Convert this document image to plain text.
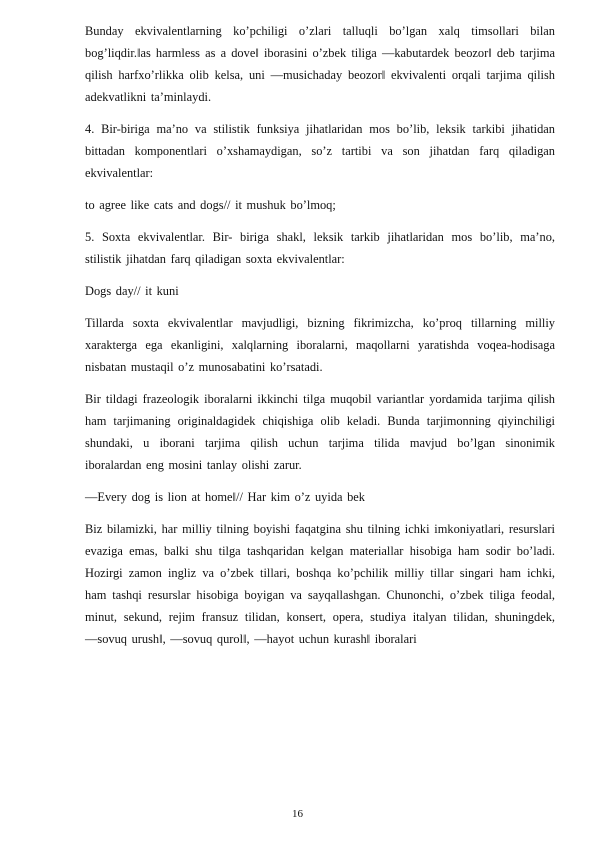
Bunday ekvivalentlarning ko’pchiligi o’zlari talluqli bo’lgan xalq timsollari bilan bog’liqdir.‖as harmless as a dove‖ iborasini o’zbek tiliga ―kabutardek beozor‖ deb tarjima qilish harfxo’rlikka olib kelsa, uni ―musichaday beozor‖ ekvivalenti orqali tarjima qilish adekvatlikni ta’minlaydi.

4. Bir-biriga ma’no va stilistik funksiya jihatlaridan mos bo’lib, leksik tarkibi jihatidan bittadan komponentlari o’xshamaydigan, so’z tartibi va son jihatdan farq qiladigan ekvivalentlar:

to agree like cats and dogs// it mushuk bo’lmoq;

5. Soxta ekvivalentlar. Bir- biriga shakl, leksik tarkib jihatlaridan mos bo’lib, ma’no, stilistik jihatdan farq qiladigan soxta ekvivalentlar:

Dogs day// it kuni

Tillarda soxta ekvivalentlar mavjudligi, bizning fikrimizcha, ko’proq tillarning milliy xarakterga ega ekanligini, xalqlarning iboralarni, maqollarni yaratishda voqea-hodisaga nisbatan mustaqil o’z munosabatini ko’rsatadi.

Bir tildagi frazeologik iboralarni ikkinchi tilga muqobil variantlar yordamida tarjima qilish ham tarjimaning originaldagidek chiqishiga olib keladi. Bunda tarjimonning qiyinchiligi shundaki, u iborani tarjima qilish uchun tarjima tilida mavjud bo’lgan sinonimik iboralardan eng mosini tanlay olishi zarur.

―Every dog is lion at home‖// Har kim o’z uyida bek

Biz bilamizki, har milliy tilning boyishi faqatgina shu tilning ichki imkoniyatlari, resurslari evaziga emas, balki shu tilga tashqaridan kelgan materiallar hisobiga ham sodir bo’ladi. Hozirgi zamon ingliz va o’zbek tillari, boshqa ko’pchilik milliy tillar singari ham ichki, ham tashqi resurslar hisobiga boyigan va sayqallashgan. Chunonchi, o’zbek tiliga feodal, minut, sekund, rejim fransuz tilidan, konsert, opera, studiya italyan tilidan, shuningdek, ―sovuq urush‖, ―sovuq qurol‖, ―hayot uchun kurash‖ iboralari

16
